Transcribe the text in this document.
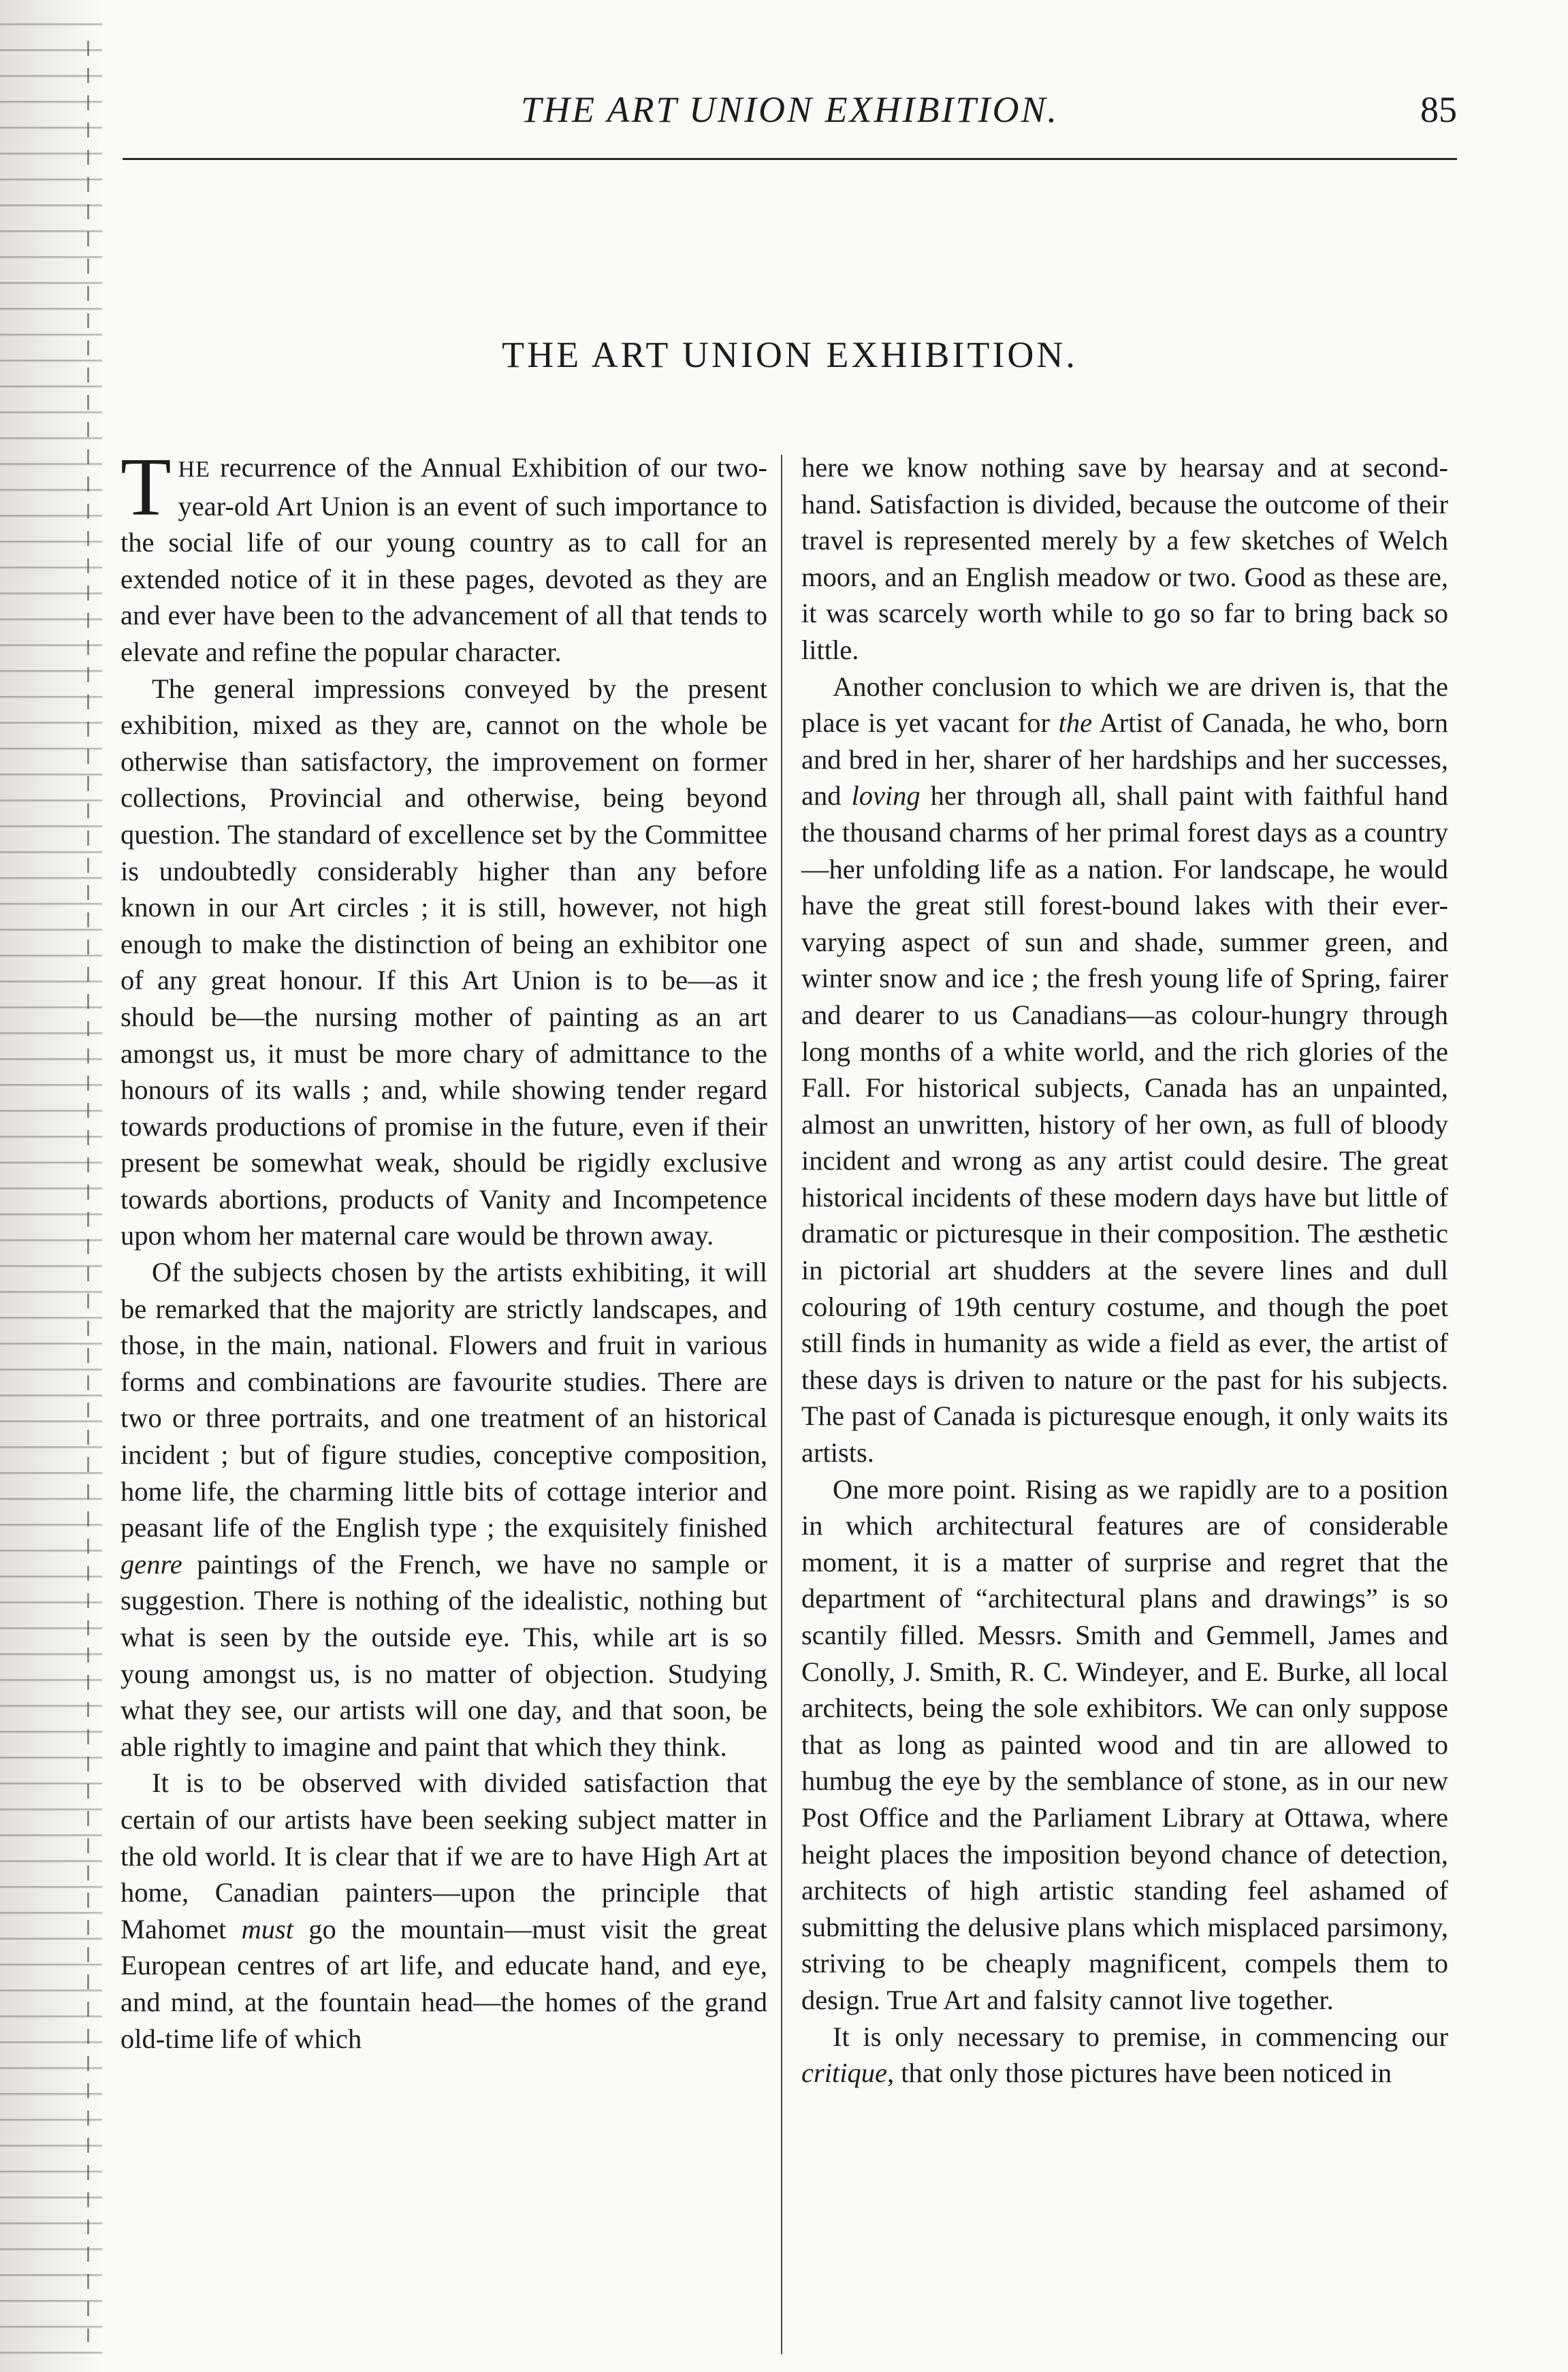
THE ART UNION EXHIBITION.	85
THE ART UNION EXHIBITION.

THE recurrence of the Annual Exhibition of our two-year-old Art Union is an event of such importance to the social life of our young country as to call for an extended notice of it in these pages, devoted as they are and ever have been to the advancement of all that tends to elevate and refine the popular character.

The general impressions conveyed by the present exhibition, mixed as they are, cannot on the whole be otherwise than satisfactory, the improvement on former collections, Provincial and otherwise, being beyond question. The standard of excellence set by the Committee is undoubtedly considerably higher than any before known in our Art circles ; it is still, however, not high enough to make the distinction of being an exhibitor one of any great honour. If this Art Union is to be—as it should be—the nursing mother of painting as an art amongst us, it must be more chary of admittance to the honours of its walls ; and, while showing tender regard towards productions of promise in the future, even if their present be somewhat weak, should be rigidly exclusive towards abortions, products of Vanity and Incompetence upon whom her maternal care would be thrown away.

Of the subjects chosen by the artists exhibiting, it will be remarked that the majority are strictly landscapes, and those, in the main, national. Flowers and fruit in various forms and combinations are favourite studies. There are two or three portraits, and one treatment of an historical incident ; but of figure studies, conceptive composition, home life, the charming little bits of cottage interior and peasant life of the English type ; the exquisitely finished genre paintings of the French, we have no sample or suggestion. There is nothing of the idealistic, nothing but what is seen by the outside eye. This, while art is so young amongst us, is no matter of objection. Studying what they see, our artists will one day, and that soon, be able rightly to imagine and paint that which they think.

It is to be observed with divided satisfaction that certain of our artists have been seeking subject matter in the old world. It is clear that if we are to have High Art at home, Canadian painters—upon the principle that Mahomet must go the mountain—must visit the great European centres of art life, and educate hand, and eye, and mind, at the fountain head—the homes of the grand old-time life of which

here we know nothing save by hearsay and at second-hand. Satisfaction is divided, because the outcome of their travel is represented merely by a few sketches of Welch moors, and an English meadow or two. Good as these are, it was scarcely worth while to go so far to bring back so little.

Another conclusion to which we are driven is, that the place is yet vacant for the Artist of Canada, he who, born and bred in her, sharer of her hardships and her successes, and loving her through all, shall paint with faithful hand the thousand charms of her primal forest days as a country—her unfolding life as a nation. For landscape, he would have the great still forest-bound lakes with their ever-varying aspect of sun and shade, summer green, and winter snow and ice ; the fresh young life of Spring, fairer and dearer to us Canadians—as colour-hungry through long months of a white world, and the rich glories of the Fall. For historical subjects, Canada has an unpainted, almost an unwritten, history of her own, as full of bloody incident and wrong as any artist could desire. The great historical incidents of these modern days have but little of dramatic or picturesque in their composition. The æsthetic in pictorial art shudders at the severe lines and dull colouring of 19th century costume, and though the poet still finds in humanity as wide a field as ever, the artist of these days is driven to nature or the past for his subjects. The past of Canada is picturesque enough, it only waits its artists.

One more point. Rising as we rapidly are to a position in which architectural features are of considerable moment, it is a matter of surprise and regret that the department of “architectural plans and drawings” is so scantily filled. Messrs. Smith and Gemmell, James and Conolly, J. Smith, R. C. Windeyer, and E. Burke, all local architects, being the sole exhibitors. We can only suppose that as long as painted wood and tin are allowed to humbug the eye by the semblance of stone, as in our new Post Office and the Parliament Library at Ottawa, where height places the imposition beyond chance of detection, architects of high artistic standing feel ashamed of submitting the delusive plans which misplaced parsimony, striving to be cheaply magnificent, compels them to design. True Art and falsity cannot live together.

It is only necessary to premise, in commencing our critique, that only those pictures have been noticed in
